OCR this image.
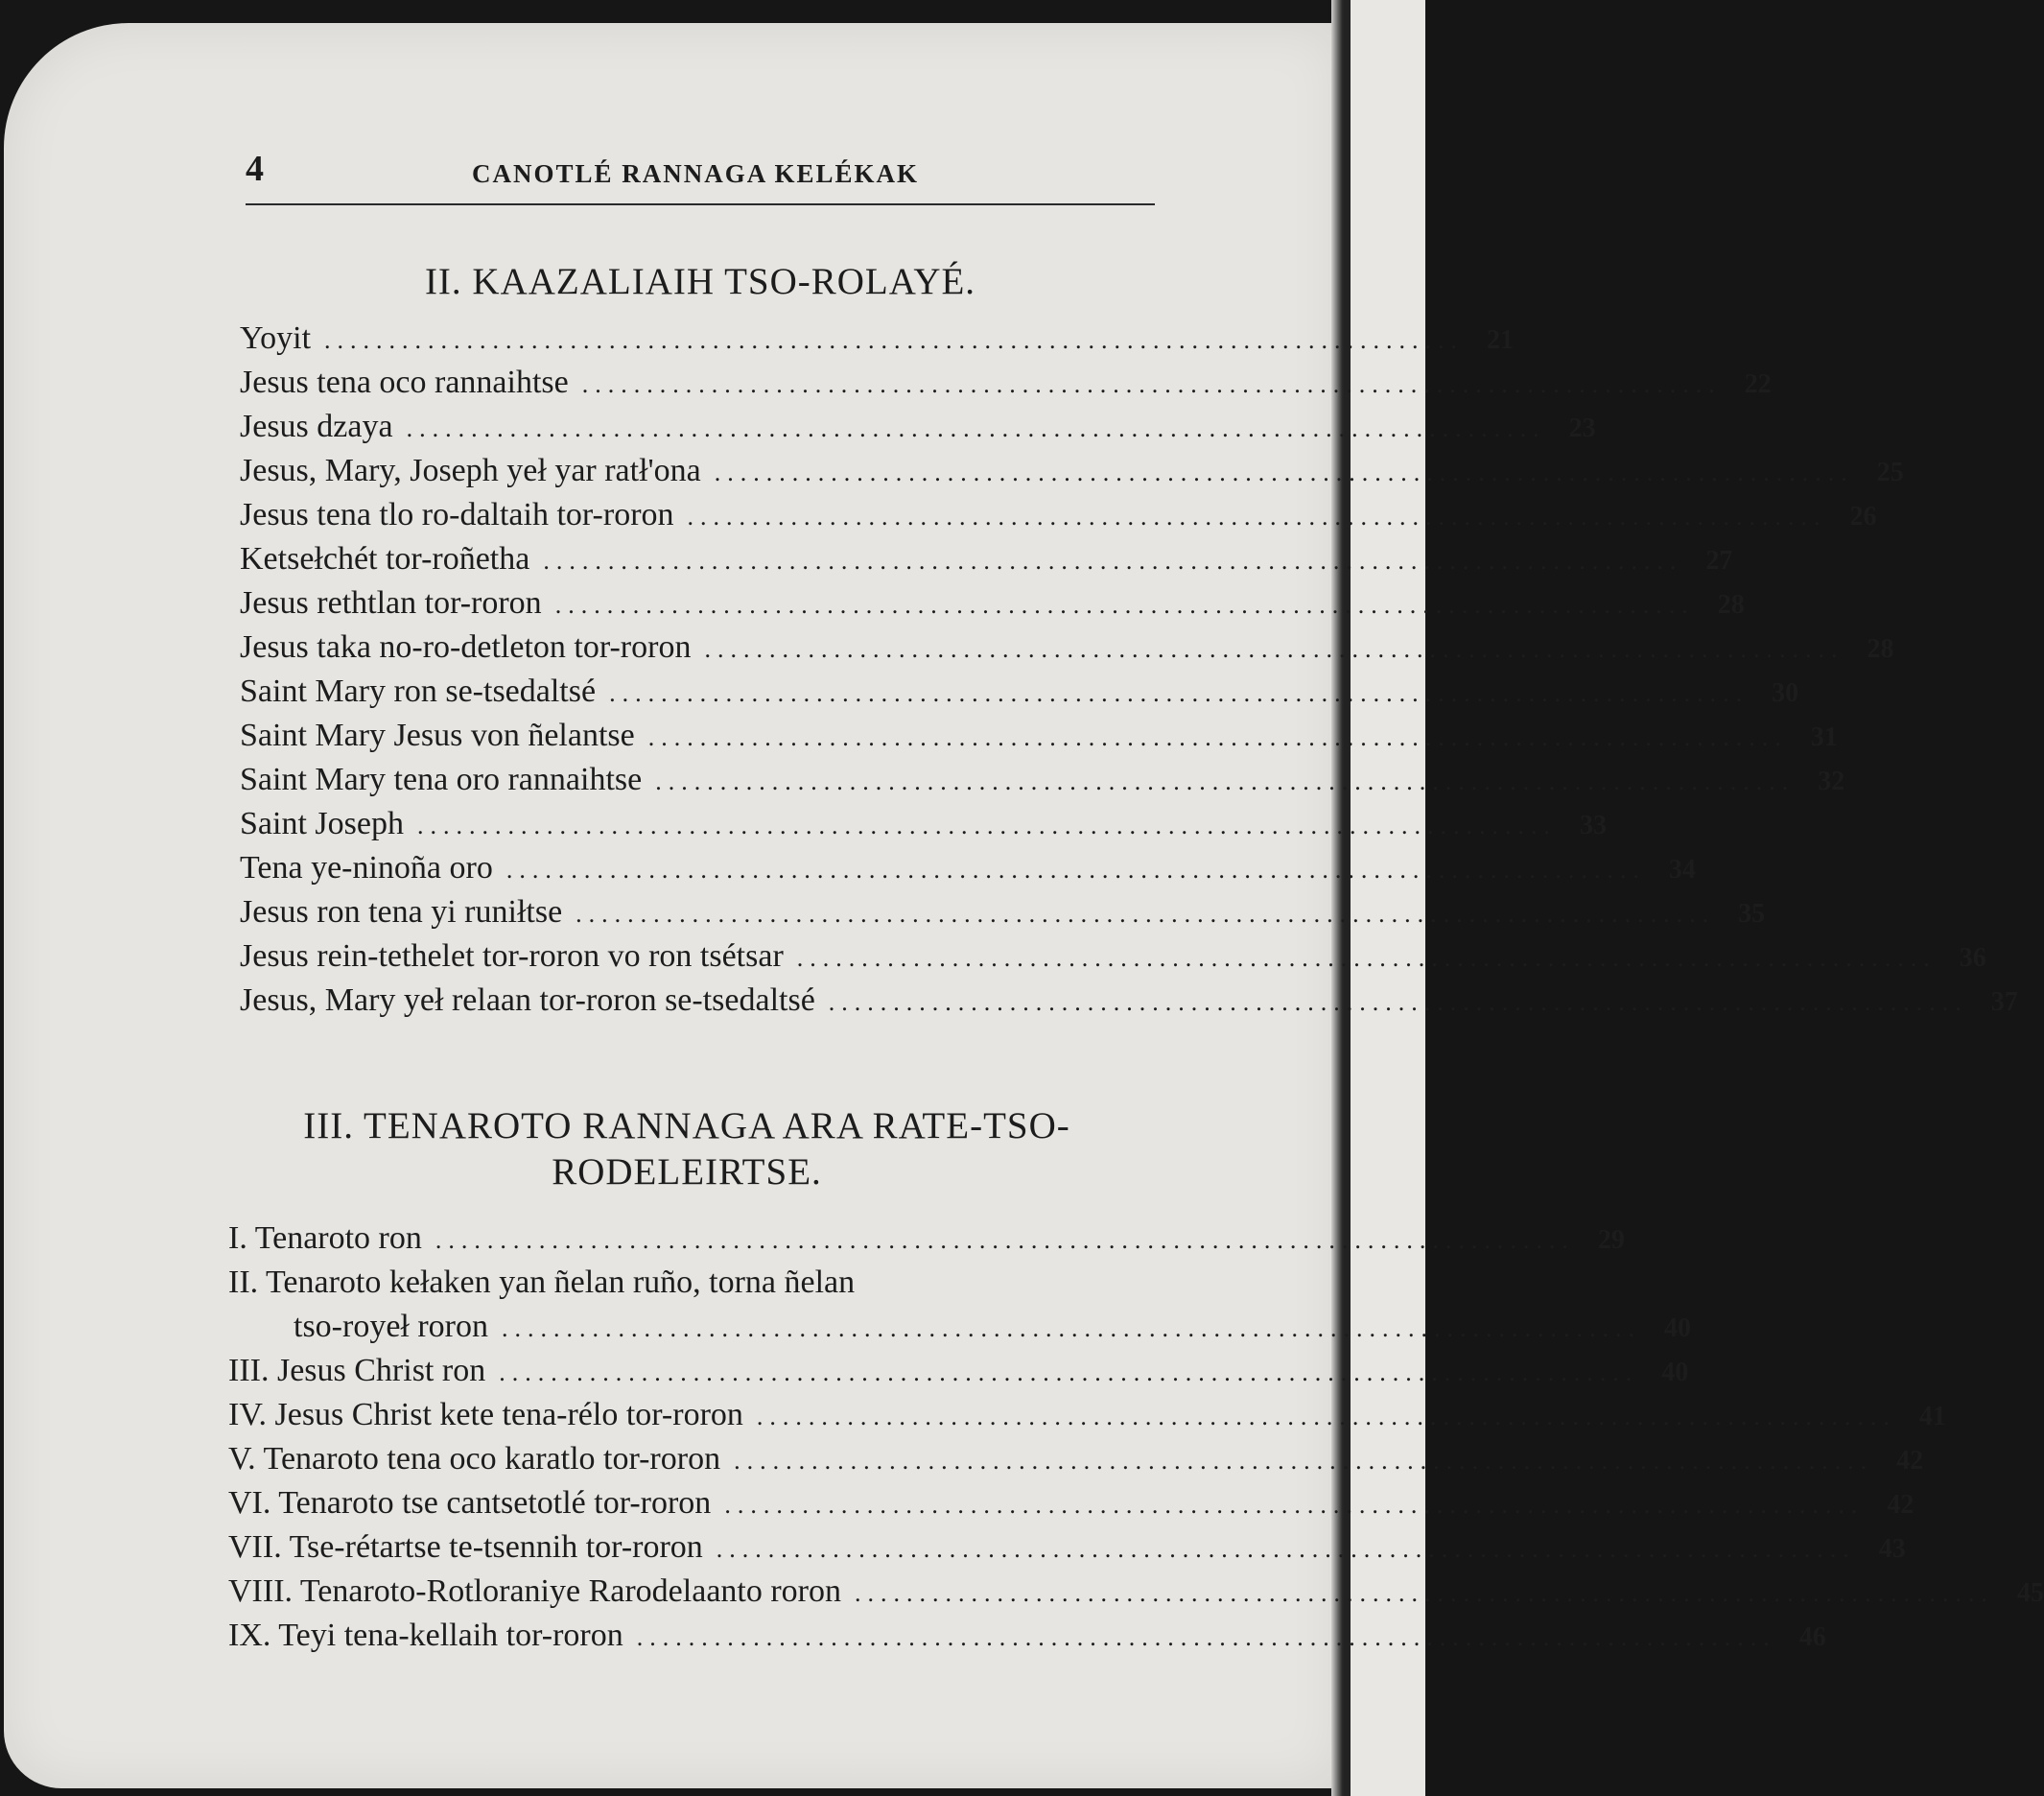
4	CANOTLÉ RANNAGA KELÉKAK
II. KAAZALIAIH TSO-ROLAYÉ.
Yoyit ........................................................................................ 21
Jesus tena oco rannaihtse ........................................................................................ 22
Jesus dzaya ........................................................................................ 23
Jesus, Mary, Joseph yeł yar ratł'ona ........................................................................................ 25
Jesus tena tlo ro-daltaih tor-roron ........................................................................................ 26
Ketsełchét tor-roñetha ........................................................................................ 27
Jesus rethtlan tor-roron ........................................................................................ 28
Jesus taka no-ro-detleton tor-roron ........................................................................................ 28
Saint Mary ron se-tsedaltsé ........................................................................................ 30
Saint Mary Jesus von ñelantse ........................................................................................ 31
Saint Mary tena oro rannaihtse ........................................................................................ 32
Saint Joseph ........................................................................................ 33
Tena ye-ninoña oro ........................................................................................ 34
Jesus ron tena yi runiłtse ........................................................................................ 35
Jesus rein-tethelet tor-roron vo ron tsétsar ........................................................................................ 36
Jesus, Mary yeł relaan tor-roron se-tsedaltsé ........................................................................................ 37
III. TENAROTO RANNAGA ARA RATE-TSO-
RODELEIRTSE.
I. Tenaroto ron ........................................................................................ 29
II. Tenaroto kełaken yan ñelan ruño, torna ñelan
tso-royeł roron ........................................................................................ 40
III. Jesus Christ ron ........................................................................................ 40
IV. Jesus Christ kete tena-rélo tor-roron ........................................................................................ 41
V. Tenaroto tena oco karatlo tor-roron ........................................................................................ 42
VI. Tenaroto tse cantsetotlé tor-roron ........................................................................................ 42
VII. Tse-rétartse te-tsennih tor-roron ........................................................................................ 43
VIII. Tenaroto-Rotloraniye Rarodelaanto roron ........................................................................................ 45
IX. Teyi tena-kellaih tor-roron ........................................................................................ 46
